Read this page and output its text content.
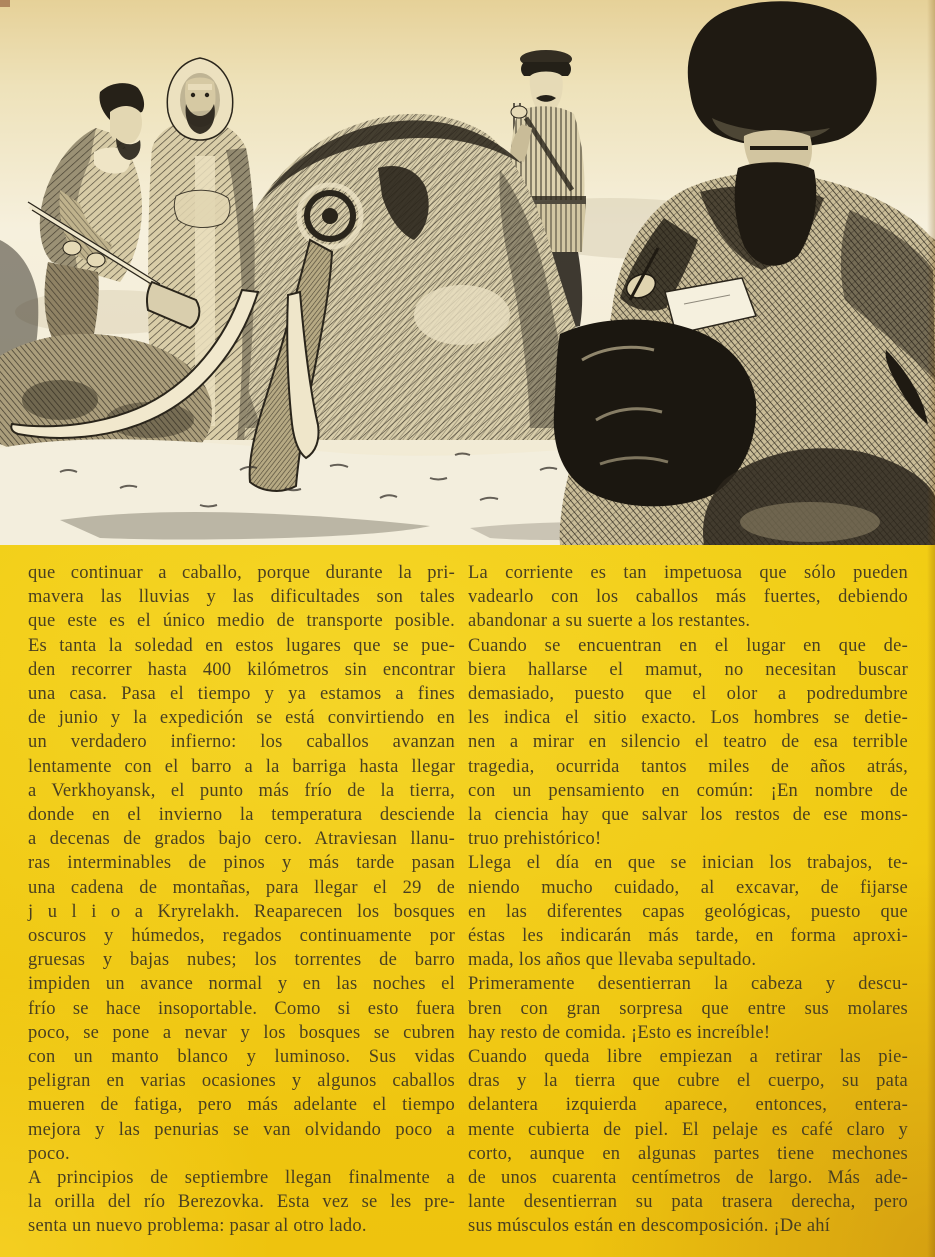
que continuar a caballo, porque durante la pri-
mavera las lluvias y las dificultades son tales
que este es el único medio de transporte posible.
Es tanta la soledad en estos lugares que se pue-
den recorrer hasta 400 kilómetros sin encontrar
una casa. Pasa el tiempo y ya estamos a fines
de junio y la expedición se está convirtiendo en
un verdadero infierno: los caballos avanzan
lentamente con el barro a la barriga hasta llegar
a Verkhoyansk, el punto más frío de la tierra,
donde en el invierno la temperatura desciende
a decenas de grados bajo cero. Atraviesan llanu-
ras interminables de pinos y más tarde pasan
una cadena de montañas, para llegar el 29 de
j u l i o a Kryrelakh. Reaparecen los bosques
oscuros y húmedos, regados continuamente por
gruesas y bajas nubes; los torrentes de barro
impiden un avance normal y en las noches el
frío se hace insoportable. Como si esto fuera
poco, se pone a nevar y los bosques se cubren
con un manto blanco y luminoso. Sus vidas
peligran en varias ocasiones y algunos caballos
mueren de fatiga, pero más adelante el tiempo
mejora y las penurias se van olvidando poco a
poco.
A principios de septiembre llegan finalmente a
la orilla del río Berezovka. Esta vez se les pre-
senta un nuevo problema: pasar al otro lado.
La corriente es tan impetuosa que sólo pueden
vadearlo con los caballos más fuertes, debiendo
abandonar a su suerte a los restantes.
Cuando se encuentran en el lugar en que de-
biera hallarse el mamut, no necesitan buscar
demasiado, puesto que el olor a podredumbre
les indica el sitio exacto. Los hombres se detie-
nen a mirar en silencio el teatro de esa terrible
tragedia, ocurrida tantos miles de años atrás,
con un pensamiento en común: ¡En nombre de
la ciencia hay que salvar los restos de ese mons-
truo prehistórico!
Llega el día en que se inician los trabajos, te-
niendo mucho cuidado, al excavar, de fijarse
en las diferentes capas geológicas, puesto que
éstas les indicarán más tarde, en forma aproxi-
mada, los años que llevaba sepultado.
Primeramente desentierran la cabeza y descu-
bren con gran sorpresa que entre sus molares
hay resto de comida. ¡Esto es increíble!
Cuando queda libre empiezan a retirar las pie-
dras y la tierra que cubre el cuerpo, su pata
delantera izquierda aparece, entonces, entera-
mente cubierta de piel. El pelaje es café claro y
corto, aunque en algunas partes tiene mechones
de unos cuarenta centímetros de largo. Más ade-
lante desentierran su pata trasera derecha, pero
sus músculos están en descomposición. ¡De ahí
